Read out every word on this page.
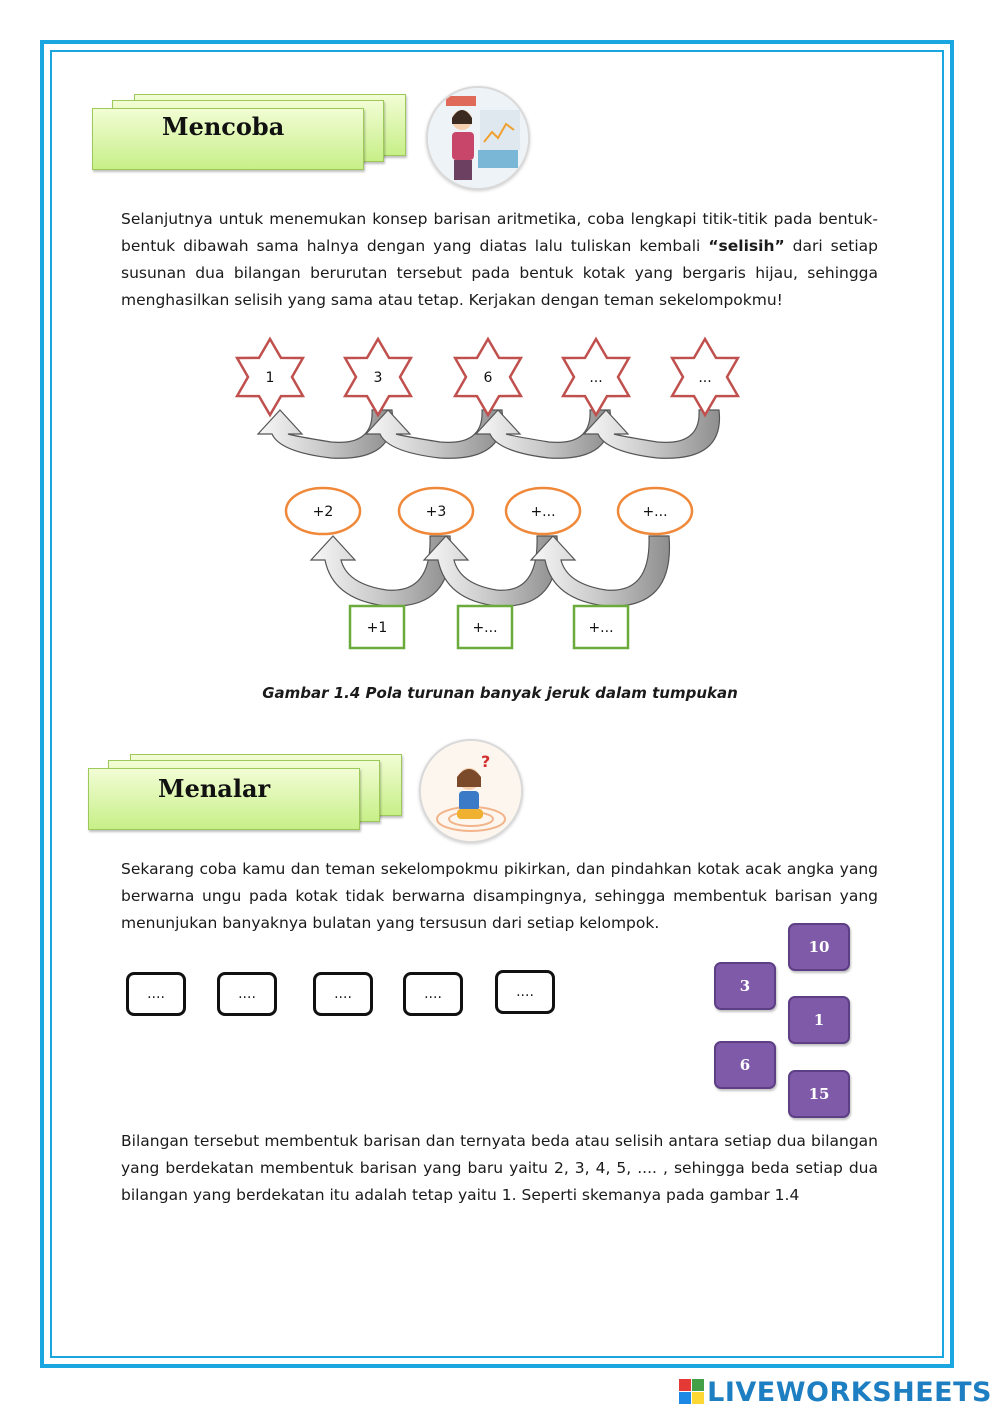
Mencoba
Selanjutnya untuk menemukan konsep barisan aritmetika, coba lengkapi titik-titik pada bentuk-bentuk dibawah sama halnya dengan yang diatas lalu tuliskan kembali “selisih” dari setiap susunan dua bilangan berurutan tersebut pada bentuk kotak yang bergaris hijau, sehingga menghasilkan selisih yang sama atau tetap. Kerjakan dengan teman sekelompokmu!
1	3	6	...	...
+2	+3	+...	+...
+1	+...	+...
Gambar 1.4 Pola turunan banyak jeruk dalam tumpukan
Menalar
?
Sekarang coba kamu dan teman sekelompokmu pikirkan, dan pindahkan kotak acak angka yang berwarna ungu pada kotak tidak berwarna disampingnya, sehingga membentuk barisan yang menunjukan banyaknya bulatan yang tersusun dari setiap kelompok.
....	....	....	....	....
10
3
1
6
15
Bilangan tersebut membentuk barisan dan ternyata beda atau selisih antara setiap dua bilangan yang berdekatan membentuk barisan yang baru yaitu 2, 3, 4, 5, .... , sehingga beda setiap dua bilangan yang berdekatan itu adalah tetap yaitu 1. Seperti skemanya pada gambar 1.4
LIVEWORKSHEETS
